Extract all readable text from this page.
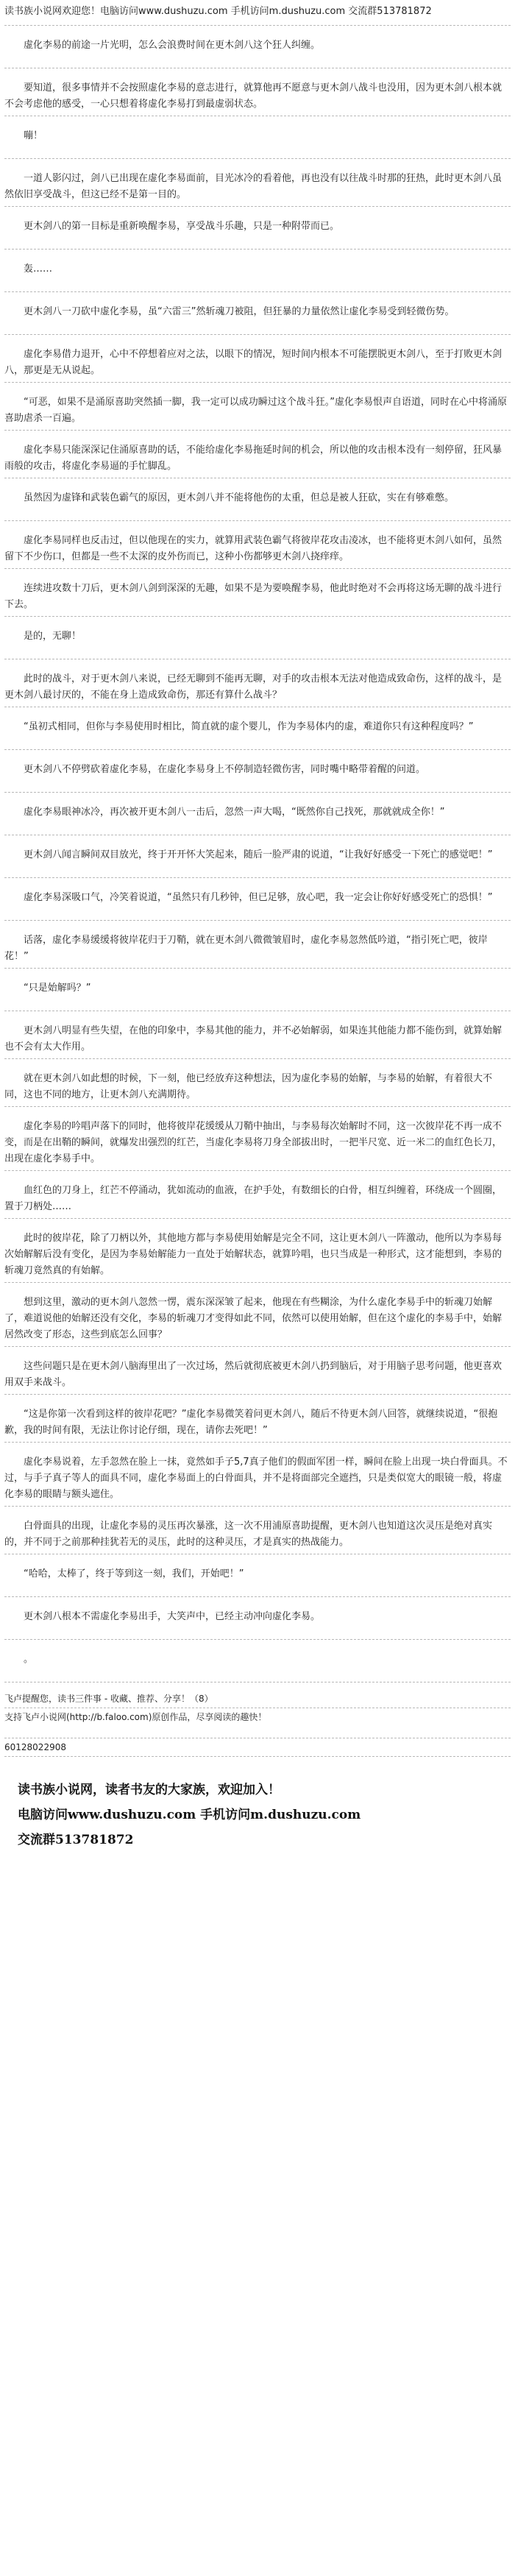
读书族小说网欢迎您！电脑访问www.dushuzu.com 手机访问m.dushuzu.com 交流群513781872

虚化李易的前途一片光明，怎么会浪费时间在更木剑八这个狂人纠缠。

要知道，很多事情并不会按照虚化李易的意志进行，就算他再不愿意与更木剑八战斗也没用，因为更木剑八根本就不会考虑他的感受，一心只想着将虚化李易打到最虚弱状态。

嘣！

一道人影闪过，剑八已出现在虚化李易面前，目光冰冷的看着他，再也没有以往战斗时那的狂热，此时更木剑八虽然依旧享受战斗，但这已经不是第一目的。

更木剑八的第一目标是重新唤醒李易，享受战斗乐趣，只是一种附带而已。

轰……

更木剑八一刀砍中虚化李易，虽“六雷三”然斩魂刀被阻，但狂暴的力量依然让虚化李易受到轻微伤势。

虚化李易借力退开，心中不停想着应对之法，以眼下的情况，短时间内根本不可能摆脱更木剑八，至于打败更木剑八，那更是无从说起。

“可恶，如果不是涌原喜助突然插一脚，我一定可以成功瞬过这个战斗狂。”虚化李易恨声自语道，同时在心中将涌原喜助虐杀一百遍。

虚化李易只能深深记住涌原喜助的话，不能给虚化李易拖延时间的机会，所以他的攻击根本没有一刻停留，狂风暴雨般的攻击，将虚化李易逼的手忙脚乱。

虽然因为虚锋和武装色霸气的原因，更木剑八并不能将他伤的太重，但总是被人狂砍，实在有够难憋。

虚化李易同样也反击过，但以他现在的实力，就算用武装色霸气将彼岸花攻击凌冰，也不能将更木剑八如何，虽然留下不少伤口，但都是一些不太深的皮外伤而已，这种小伤都够更木剑八挠痒痒。

连续进攻数十刀后，更木剑八剑到深深的无趣，如果不是为要唤醒李易，他此时绝对不会再将这场无聊的战斗进行下去。

是的，无聊！

此时的战斗，对于更木剑八来说，已经无聊到不能再无聊，对手的攻击根本无法对他造成致命伤，这样的战斗，是更木剑八最讨厌的，不能在身上造成致命伤，那还有算什么战斗？

“虽初式相同，但你与李易使用时相比，简直就的虚个婴儿，作为李易体内的虚，难道你只有这种程度吗？”

更木剑八不停劈砍着虚化李易，在虚化李易身上不停制造轻微伤害，同时嘴中略带着醒的问道。

虚化李易眼神冰冷，再次被开更木剑八一击后，忽然一声大喝，“既然你自己找死，那就就成全你！”

更木剑八闻言瞬间双目放光，终于开开怀大笑起来，随后一脸严肃的说道，“让我好好感受一下死亡的感觉吧！”

虚化李易深吸口气，冷笑着说道，“虽然只有几秒钟，但已足够，放心吧，我一定会让你好好感受死亡的恐惧！”

话落，虚化李易缓缓将彼岸花归于刀鞘，就在更木剑八微微皱眉时，虚化李易忽然低吟道，“指引死亡吧，彼岸花！”

“只是始解吗？”

更木剑八明显有些失望，在他的印象中，李易其他的能力，并不必始解弱，如果连其他能力都不能伤到，就算始解也不会有太大作用。

就在更木剑八如此想的时候，下一刻，他已经放弃这种想法，因为虚化李易的始解，与李易的始解，有着很大不同，这也不同的地方，让更木剑八充满期待。

虚化李易的吟唱声落下的同时，他将彼岸花缓缓从刀鞘中抽出，与李易每次始解时不同，这一次彼岸花不再一成不变，而是在出鞘的瞬间，就爆发出强烈的红芒，当虚化李易将刀身全部拔出时，一把半尺宽、近一米二的血红色长刀，出现在虚化李易手中。

血红色的刀身上，红芒不停涌动，犹如流动的血液，在护手处，有数细长的白骨，相互纠缠着，环绕成一个圆圈，置于刀柄处……

此时的彼岸花，除了刀柄以外，其他地方都与李易使用始解是完全不同，这让更木剑八一阵激动，他所以为李易每次始解解后没有变化，是因为李易始解能力一直处于始解状态，就算吟唱，也只当成是一种形式，这才能想到，李易的斩魂刀竟然真的有始解。

想到这里，激动的更木剑八忽然一愣，震东深深皱了起来，他现在有些糊涂，为什么虚化李易手中的斩魂刀始解了，难道说他的始解还没有交化，李易的斩魂刀才变得如此不同，依然可以使用始解，但在这个虚化的李易手中，始解居然改变了形态，这些到底怎么回事？

这些问题只是在更木剑八脑海里出了一次过场，然后就彻底被更木剑八扔到脑后，对于用脑子思考问题，他更喜欢用双手来战斗。

“这是你第一次看到这样的彼岸花吧？”虚化李易微笑着问更木剑八，随后不待更木剑八回答，就继续说道，“很抱歉，我的时间有限，无法让你讨论仔细，现在，请你去死吧！”

虚化李易说着，左手忽然在脸上一抹，竟然如手子5,7真子他们的假面军团一样，瞬间在脸上出现一块白骨面具。不过，与手子真子等人的面具不同，虚化李易面上的白骨面具，并不是将面部完全遮挡，只是类似宽大的眼镜一般，将虚化李易的眼睛与额头遮住。

白骨面具的出现，让虚化李易的灵压再次暴涨，这一次不用浦原喜助提醒，更木剑八也知道这次灵压是绝对真实的，并不同于之前那种挂犹若无的灵压，此时的这种灵压，才是真实的热战能力。

“哈哈，太棒了，终于等到这一刻，我们，开始吧！”

更木剑八根本不需虚化李易出手，大笑声中，已经主动冲向虚化李易。

。

飞卢提醒您，读书三件事 - 收藏、推荐、分享！（8）
支持飞卢小说网(http://b.faloo.com)原创作品，尽享阅读的趣快！
60128022908
读书族小说网，读者书友的大家族，欢迎加入！
电脑访问www.dushuzu.com 手机访问m.dushuzu.com
交流群513781872
